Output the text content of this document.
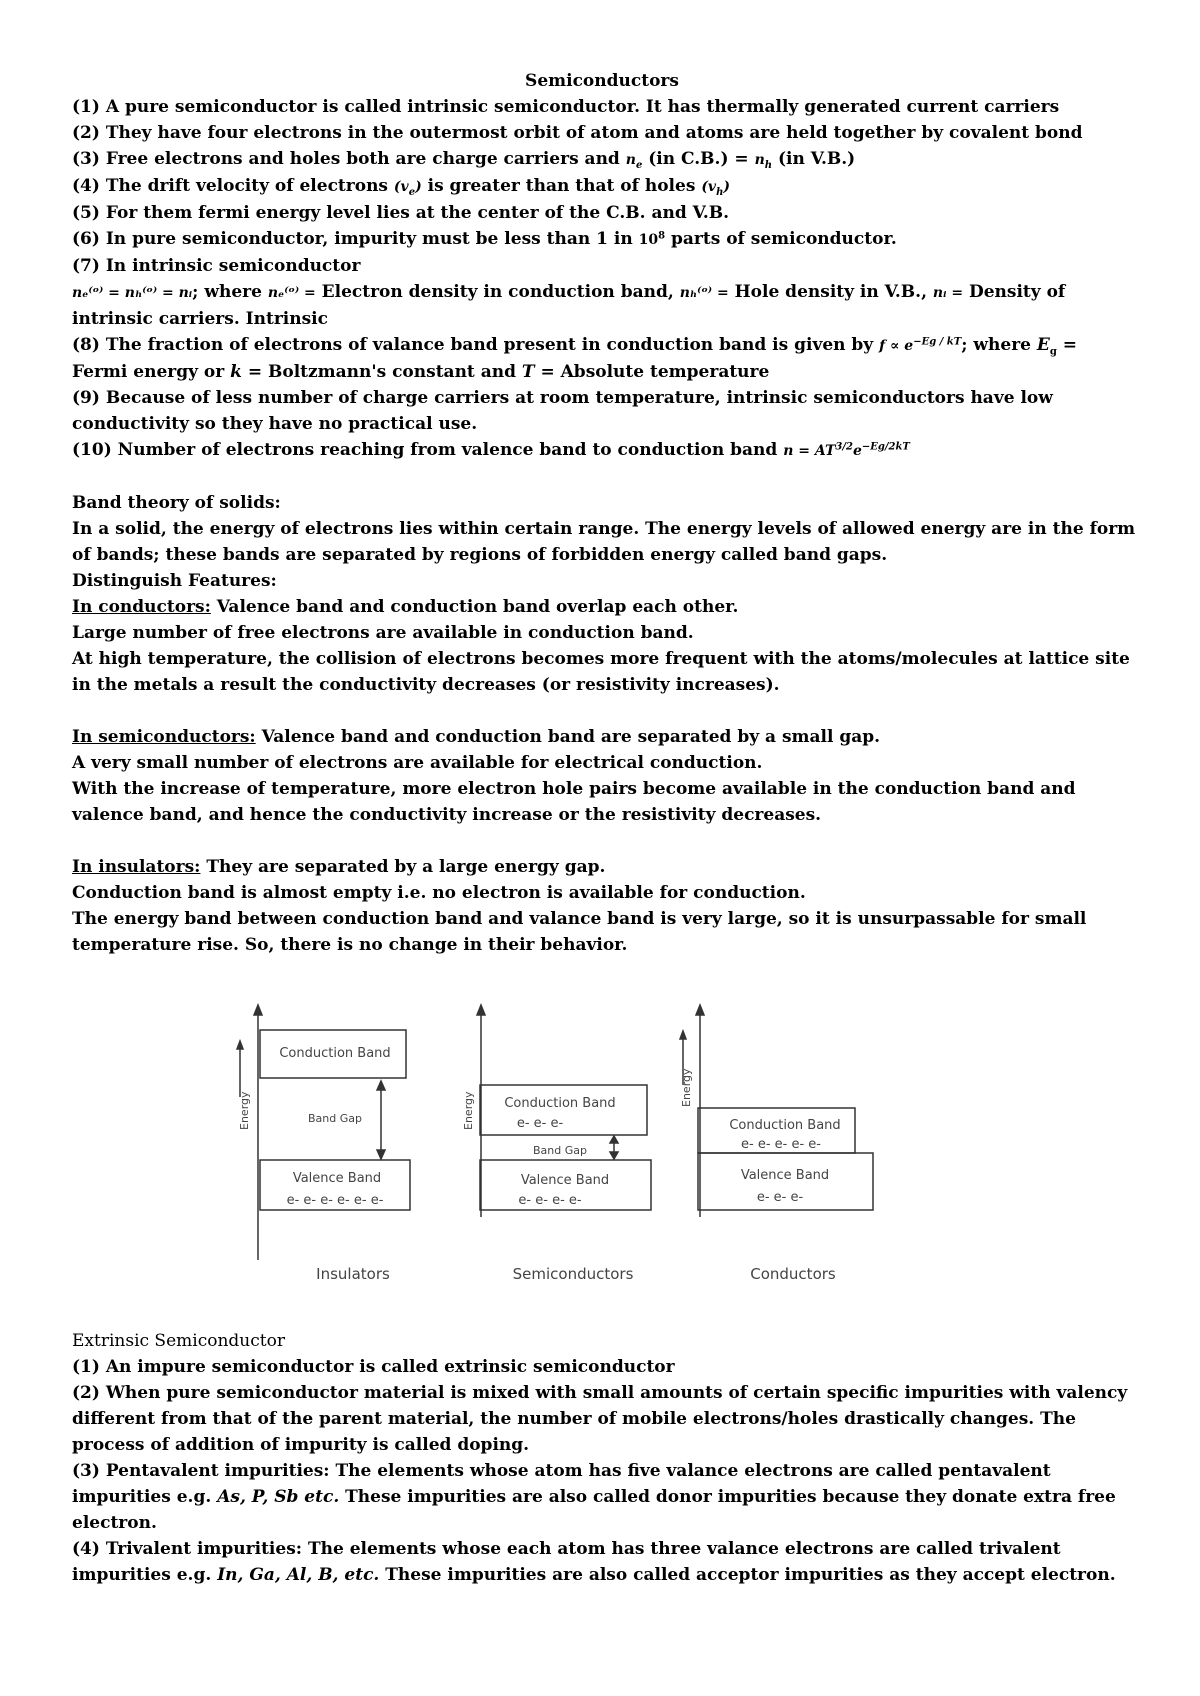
Semiconductors
(1) A pure semiconductor is called intrinsic semiconductor. It has thermally generated current carriers
(2) They have four electrons in the outermost orbit of atom and atoms are held together by covalent bond
(3) Free electrons and holes both are charge carriers and $n_e$ (in $C.B.) = n_h$ (in V.B.)
(4) The drift velocity of electrons $(v_e)$ is greater than that of holes $(v_h)$
(5) For them fermi energy level lies at the center of the C.B. and V.B.
(6) In pure semiconductor, impurity must be less than 1 in $10^8$ parts of semiconductor.
(7) In intrinsic semiconductor
nₑ⁽ᵒ⁾ = nₕ⁽ᵒ⁾ = nᵢ; where nₑ⁽ᵒ⁾ = Electron density in conduction band, nₕ⁽ᵒ⁾ = Hole density in V.B., nᵢ = Density of
intrinsic carriers. Intrinsic
(8) The fraction of electrons of valance band present in conduction band is given by $f \propto e^{-Eg / kT}$; where $E_g$ =
Fermi energy or k = Boltzmann's constant and T = Absolute temperature
(9) Because of less number of charge carriers at room temperature, intrinsic semiconductors have low
conductivity so they have no practical use.
(10) Number of electrons reaching from valence band to conduction band $n = AT^{3/2}e^{-Eg/2kT}$
Band theory of solids:
In a solid, the energy of electrons lies within certain range. The energy levels of allowed energy are in the form
of bands; these bands are separated by regions of forbidden energy called band gaps.
Distinguish Features:
In conductors: Valence band and conduction band overlap each other.
Large number of free electrons are available in conduction band.
At high temperature, the collision of electrons becomes more frequent with the atoms/molecules at lattice site
in the metals a result the conductivity decreases (or resistivity increases).
In semiconductors: Valence band and conduction band are separated by a small gap.
A very small number of electrons are available for electrical conduction.
With the increase of temperature, more electron hole pairs become available in the conduction band and
valence band, and hence the conductivity increase or the resistivity decreases.
In insulators: They are separated by a large energy gap.
Conduction band is almost empty i.e. no electron is available for conduction.
The energy band between conduction band and valance band is very large, so it is unsurpassable for small
temperature rise. So, there is no change in their behavior.
Energy	Energy
Energy
Conduction Band
Band Gap
Valence Band
e- e- e- e- e- e-
Conduction Band
e- e- e-
Band Gap
Valence Band
e- e- e- e-
Conduction Band
e- e- e- e- e-
Valence Band
e- e- e-
Insulators	Semiconductors	Conductors
Extrinsic Semiconductor
(1) An impure semiconductor is called extrinsic semiconductor
(2) When pure semiconductor material is mixed with small amounts of certain specific impurities with valency
different from that of the parent material, the number of mobile electrons/holes drastically changes. The
process of addition of impurity is called doping.
(3) Pentavalent impurities: The elements whose atom has five valance electrons are called pentavalent
impurities e.g. As, P, Sb etc. These impurities are also called donor impurities because they donate extra free
electron.
(4) Trivalent impurities: The elements whose each atom has three valance electrons are called trivalent
impurities e.g. In, Ga, Al, B, etc. These impurities are also called acceptor impurities as they accept electron.
